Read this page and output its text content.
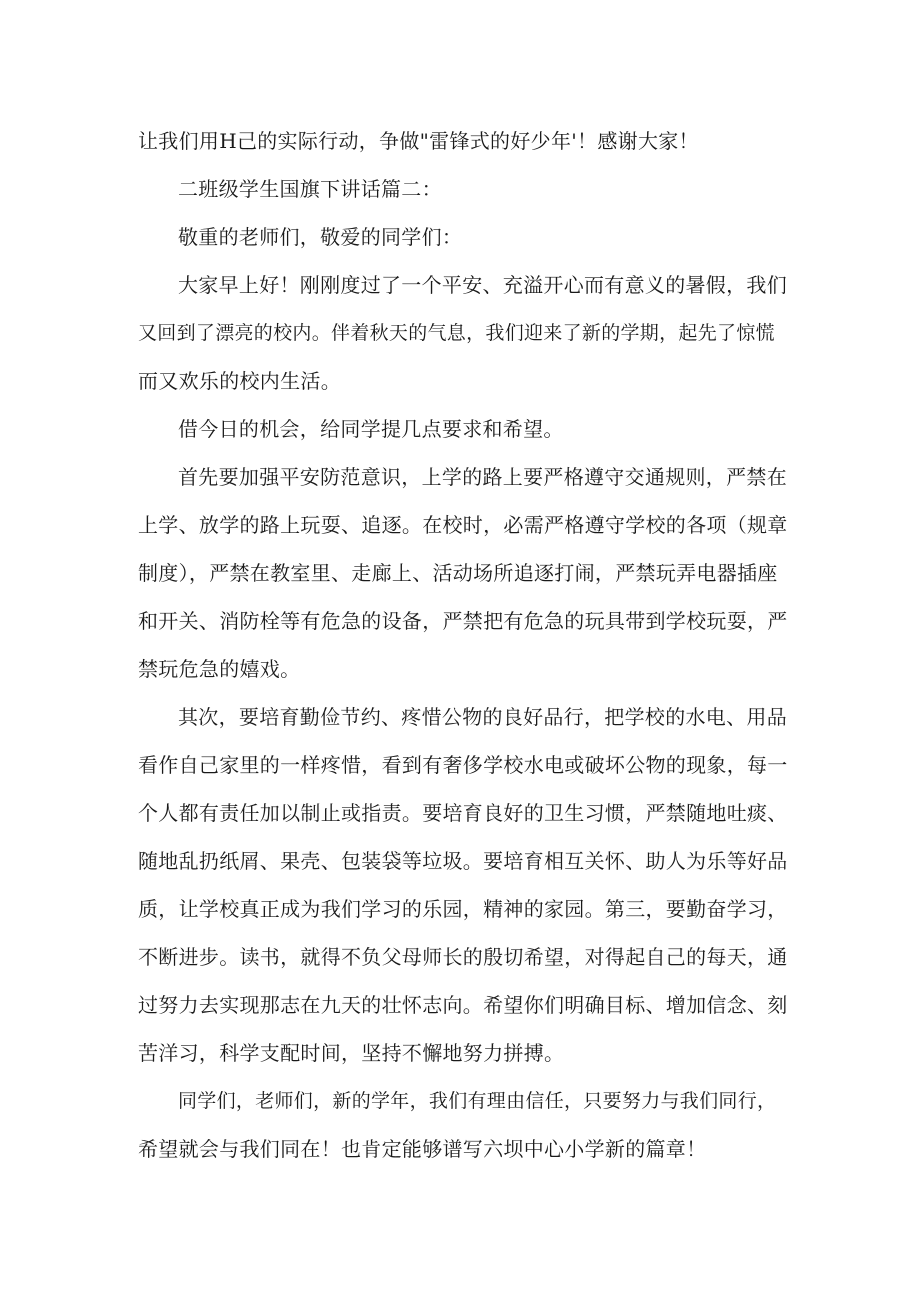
让我们用H己的实际行动，争做"雷锋式的好少年'！感谢大家！
二班级学生国旗下讲话篇二：
敬重的老师们，敬爱的同学们：
大家早上好！刚刚度过了一个平安、充溢开心而有意义的暑假，我们
又回到了漂亮的校内。伴着秋天的气息，我们迎来了新的学期，起先了惊慌
而又欢乐的校内生活。
借今日的机会，给同学提几点要求和希望。
首先要加强平安防范意识，上学的路上要严格遵守交通规则，严禁在
上学、放学的路上玩耍、追逐。在校时，必需严格遵守学校的各项（规章
制度），严禁在教室里、走廊上、活动场所追逐打闹，严禁玩弄电器插座
和开关、消防栓等有危急的设备，严禁把有危急的玩具带到学校玩耍，严
禁玩危急的嬉戏。
其次，要培育勤俭节约、疼惜公物的良好品行，把学校的水电、用品
看作自己家里的一样疼惜，看到有奢侈学校水电或破坏公物的现象，每一
个人都有责任加以制止或指责。要培育良好的卫生习惯，严禁随地吐痰、
随地乱扔纸屑、果壳、包装袋等垃圾。要培育相互关怀、助人为乐等好品
质，让学校真正成为我们学习的乐园，精神的家园。第三，要勤奋学习，
不断进步。读书，就得不负父母师长的殷切希望，对得起自己的每天，通
过努力去实现那志在九天的壮怀志向。希望你们明确目标、增加信念、刻
苦洋习，科学支配时间，坚持不懈地努力拼搏。
同学们，老师们，新的学年，我们有理由信任，只要努力与我们同行，
希望就会与我们同在！也肯定能够谱写六坝中心小学新的篇章！
